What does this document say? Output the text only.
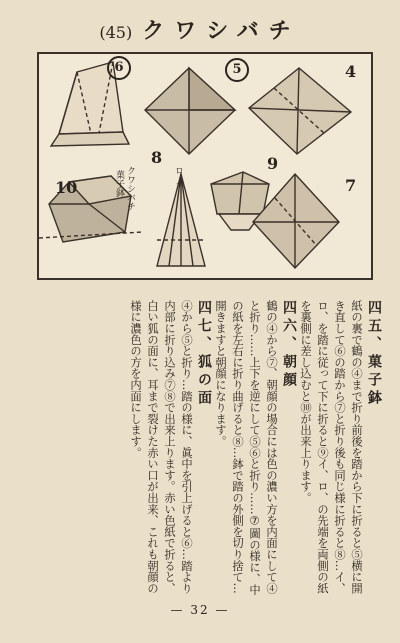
(45) クワシバチ
6	5	4
8	9
7
10	クワシバチ
菓子鉢	ロ イ

四五、菓子鉢

紙の裏で鶴の④まで折り前後を踏から下に折ると⑤横に開き直して⑥の踏から⑦と折り後も同じ様に折ると⑧…イ、ロ、を踏に従って下に折ると⑨イ、ロ、の先端を両側の紙を裏側に差し込むと⑩が出来上ります。

四六、朝顔

鶴の④から⑦、朝顔の場合には色の濃い方を内面にして④と折り……上下を逆にして⑤⑥と折り……⑦圖の様に、中の紙を左右に折り曲げると⑧…鉢で踏の外側を切り捨て…開きますと朝顔になります。

四七、狐の面

④から⑤と折り…踏の様に、眞中を引上げると⑥…踏より内部に折り込み⑦⑧で出来上ります。赤い色紙で折ると、白い狐の面に、耳まで裂けた赤い口が出来、これも朝顔の様に濃色の方を内面にします。

— 32 —
